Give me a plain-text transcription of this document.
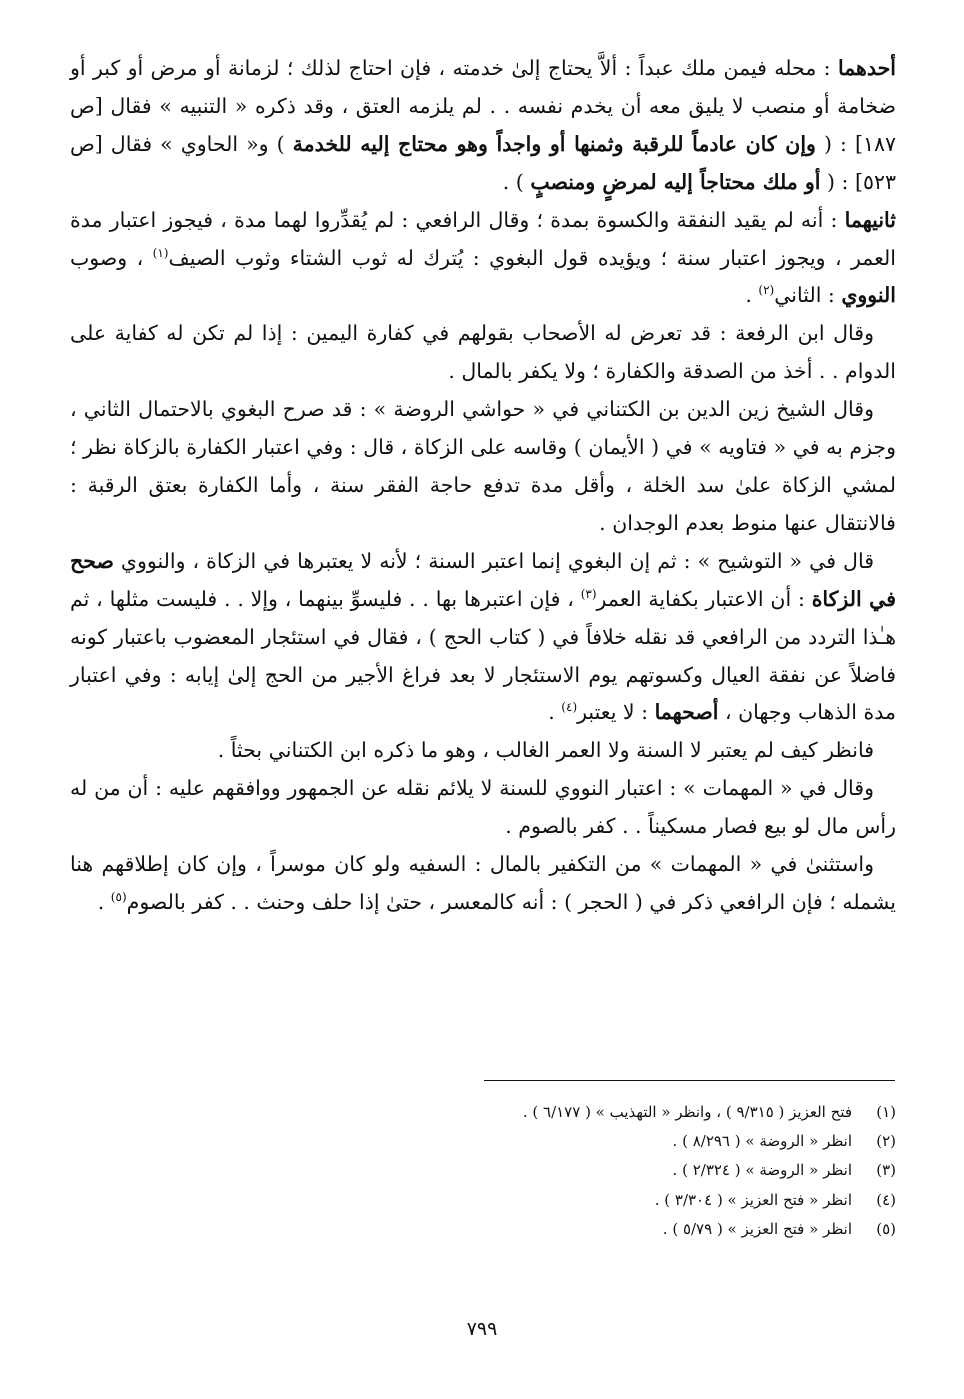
أحدهما : محله فيمن ملك عبداً : ألاَّ يحتاج إلىٰ خدمته ، فإن احتاج لذلك ؛ لزمانة أو مرض أو كبر أو ضخامة أو منصب لا يليق معه أن يخدم نفسه . . لم يلزمه العتق ، وقد ذكره « التنبيه » فقال [ص ١٨٧] : ( وإن كان عادماً للرقبة وثمنها أو واجداً وهو محتاج إليه للخدمة ) و« الحاوي » فقال [ص ٥٢٣] : ( أو ملك محتاجاً إليه لمرضٍ ومنصبٍ ) .

ثانيهما : أنه لم يقيد النفقة والكسوة بمدة ؛ وقال الرافعي : لم يُقدِّروا لهما مدة ، فيجوز اعتبار مدة العمر ، ويجوز اعتبار سنة ؛ ويؤيده قول البغوي : يُترك له ثوب الشتاء وثوب الصيف$^{(١)}$ ، وصوب النووي : الثاني$^{(٢)}$ .

وقال ابن الرفعة : قد تعرض له الأصحاب بقولهم في كفارة اليمين : إذا لم تكن له كفاية على الدوام . . أخذ من الصدقة والكفارة ؛ ولا يكفر بالمال .

وقال الشيخ زين الدين بن الكتناني في « حواشي الروضة » : قد صرح البغوي بالاحتمال الثاني ، وجزم به في « فتاويه » في ( الأيمان ) وقاسه على الزكاة ، قال : وفي اعتبار الكفارة بالزكاة نظر ؛ لمشي الزكاة علىٰ سد الخلة ، وأقل مدة تدفع حاجة الفقر سنة ، وأما الكفارة بعتق الرقبة : فالانتقال عنها منوط بعدم الوجدان .

قال في « التوشيح » : ثم إن البغوي إنما اعتبر السنة ؛ لأنه لا يعتبرها في الزكاة ، والنووي صحح في الزكاة : أن الاعتبار بكفاية العمر$^{(٣)}$ ، فإن اعتبرها بها . . فليسوِّ بينهما ، وإلا . . فليست مثلها ، ثم هـٰذا التردد من الرافعي قد نقله خلافاً في ( كتاب الحج ) ، فقال في استئجار المعضوب باعتبار كونه فاضلاً عن نفقة العيال وكسوتهم يوم الاستئجار لا بعد فراغ الأجير من الحج إلىٰ إيابه : وفي اعتبار مدة الذهاب وجهان ، أصحهما : لا يعتبر$^{(٤)}$ .

فانظر كيف لم يعتبر لا السنة ولا العمر الغالب ، وهو ما ذكره ابن الكتناني بحثاً .

وقال في « المهمات » : اعتبار النووي للسنة لا يلائم نقله عن الجمهور ووافقهم عليه : أن من له رأس مال لو بيع فصار مسكيناً . . كفر بالصوم .

واستثنىٰ في « المهمات » من التكفير بالمال : السفيه ولو كان موسراً ، وإن كان إطلاقهم هنا يشمله ؛ فإن الرافعي ذكر في ( الحجر ) : أنه كالمعسر ، حتىٰ إذا حلف وحنث . . كفر بالصوم$^{(٥)}$ .

(١)
فتح العزيز ( ٩/٣١٥ ) ، وانظر « التهذيب » ( ٦/١٧٧ ) .
(٢)
انظر « الروضة » ( ٨/٢٩٦ ) .
(٣)
انظر « الروضة » ( ٢/٣٢٤ ) .
(٤)
انظر « فتح العزيز » ( ٣/٣٠٤ ) .
(٥)
انظر « فتح العزيز » ( ٥/٧٩ ) .
٧٩٩
